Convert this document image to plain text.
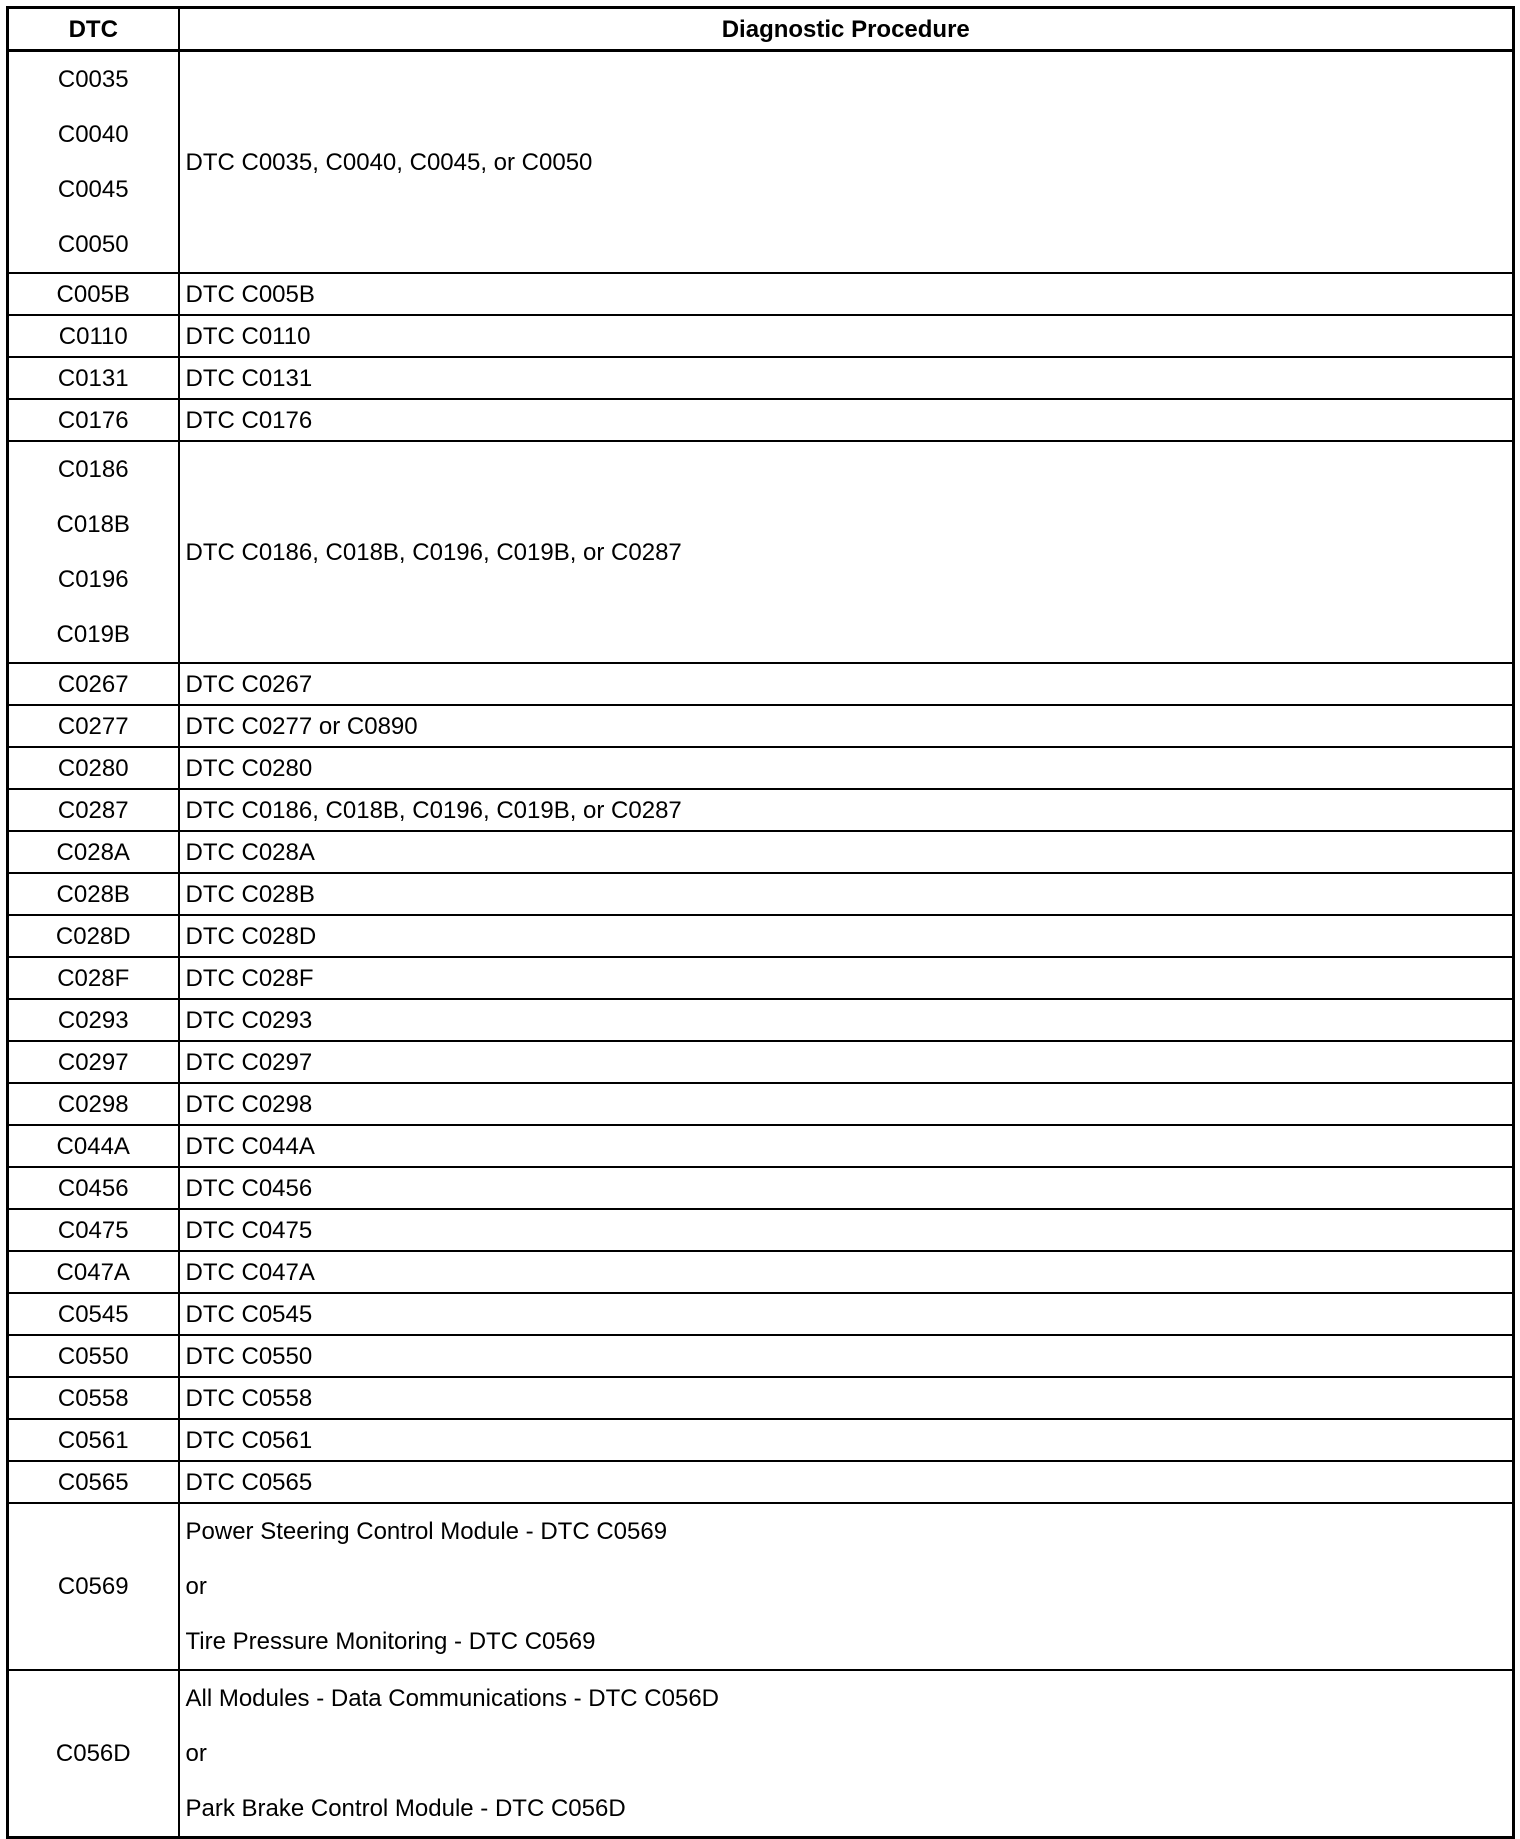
DTC	Diagnostic Procedure

C0035
C0040
C0045
C0050	DTC C0035, C0040, C0045, or C0050
C005B	DTC C005B
C0110	DTC C0110
C0131	DTC C0131
C0176	DTC C0176

C0186
C018B
C0196
C019B	DTC C0186, C018B, C0196, C019B, or C0287
C0267	DTC C0267
C0277	DTC C0277 or C0890
C0280	DTC C0280
C0287	DTC C0186, C018B, C0196, C019B, or C0287
C028A	DTC C028A
C028B	DTC C028B
C028D	DTC C028D
C028F	DTC C028F
C0293	DTC C0293
C0297	DTC C0297
C0298	DTC C0298
C044A	DTC C044A
C0456	DTC C0456
C0475	DTC C0475
C047A	DTC C047A
C0545	DTC C0545
C0550	DTC C0550
C0558	DTC C0558
C0561	DTC C0561
C0565	DTC C0565
C0569	Power Steering Control Module - DTC C0569
or
Tire Pressure Monitoring - DTC C0569

C056D	All Modules - Data Communications - DTC C056D
or
Park Brake Control Module - DTC C056D
